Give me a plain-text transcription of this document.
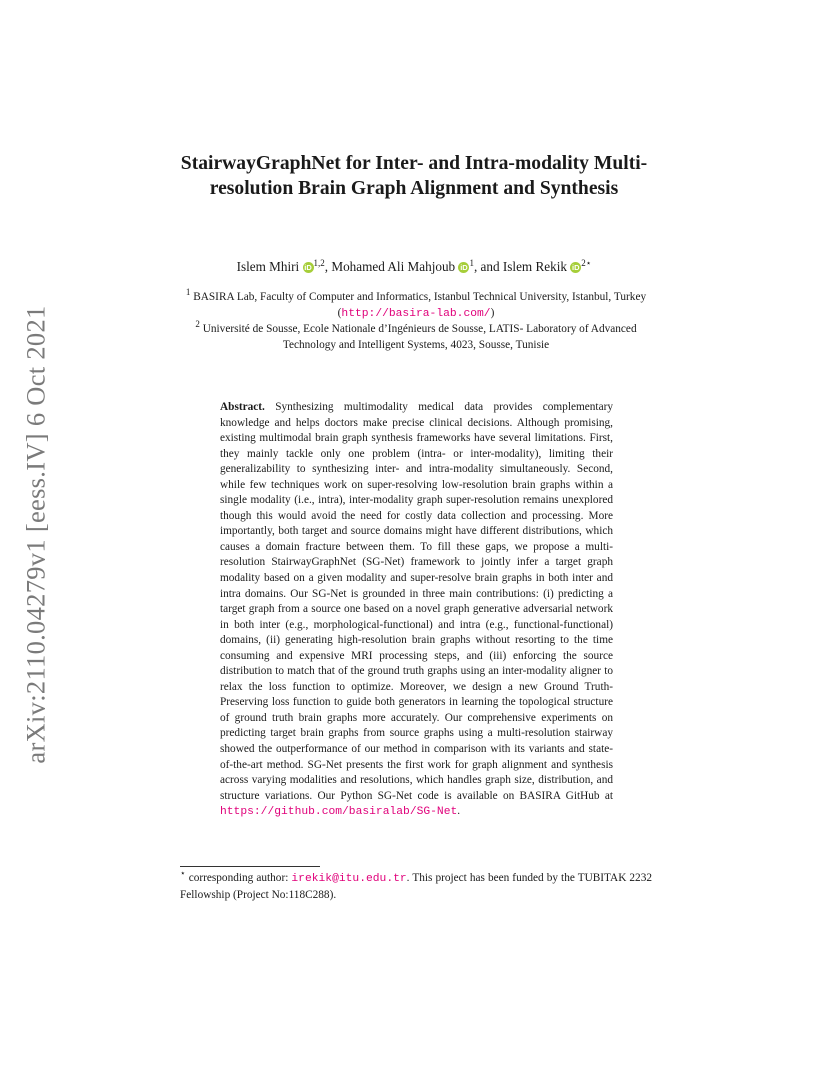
arXiv:2110.04279v1 [eess.IV] 6 Oct 2021
StairwayGraphNet for Inter- and Intra-modality Multi-resolution Brain Graph Alignment and Synthesis
Islem Mhiri iD $^{1,2}$, Mohamed Ali Mahjoub iD $^1$, and Islem Rekik iD $^{2⋆}$
$^1$ BASIRA Lab, Faculty of Computer and Informatics, Istanbul Technical University, Istanbul, Turkey (http://basira-lab.com/)
$^2$ Université de Sousse, Ecole Nationale d’Ingénieurs de Sousse, LATIS- Laboratory of Advanced Technology and Intelligent Systems, 4023, Sousse, Tunisie
Abstract. Synthesizing multimodality medical data provides complementary knowledge and helps doctors make precise clinical decisions. Although promising, existing multimodal brain graph synthesis frameworks have several limitations. First, they mainly tackle only one problem (intra- or inter-modality), limiting their generalizability to synthesizing inter- and intra-modality simultaneously. Second, while few techniques work on super-resolving low-resolution brain graphs within a single modality (i.e., intra), inter-modality graph super-resolution remains unexplored though this would avoid the need for costly data collection and processing. More importantly, both target and source domains might have different distributions, which causes a domain fracture between them. To fill these gaps, we propose a multi-resolution StairwayGraphNet (SG-Net) framework to jointly infer a target graph modality based on a given modality and super-resolve brain graphs in both inter and intra domains. Our SG-Net is grounded in three main contributions: (i) predicting a target graph from a source one based on a novel graph generative adversarial network in both inter (e.g., morphological-functional) and intra (e.g., functional-functional) domains, (ii) generating high-resolution brain graphs without resorting to the time consuming and expensive MRI processing steps, and (iii) enforcing the source distribution to match that of the ground truth graphs using an inter-modality aligner to relax the loss function to optimize. Moreover, we design a new Ground Truth-Preserving loss function to guide both generators in learning the topological structure of ground truth brain graphs more accurately. Our comprehensive experiments on predicting target brain graphs from source graphs using a multi-resolution stairway showed the outperformance of our method in comparison with its variants and state-of-the-art method. SG-Net presents the first work for graph alignment and synthesis across varying modalities and resolutions, which handles graph size, distribution, and structure variations. Our Python SG-Net code is available on BASIRA GitHub at https://github.com/basiralab/SG-Net.
⋆ corresponding author: irekik@itu.edu.tr. This project has been funded by the TUBITAK 2232 Fellowship (Project No:118C288).
